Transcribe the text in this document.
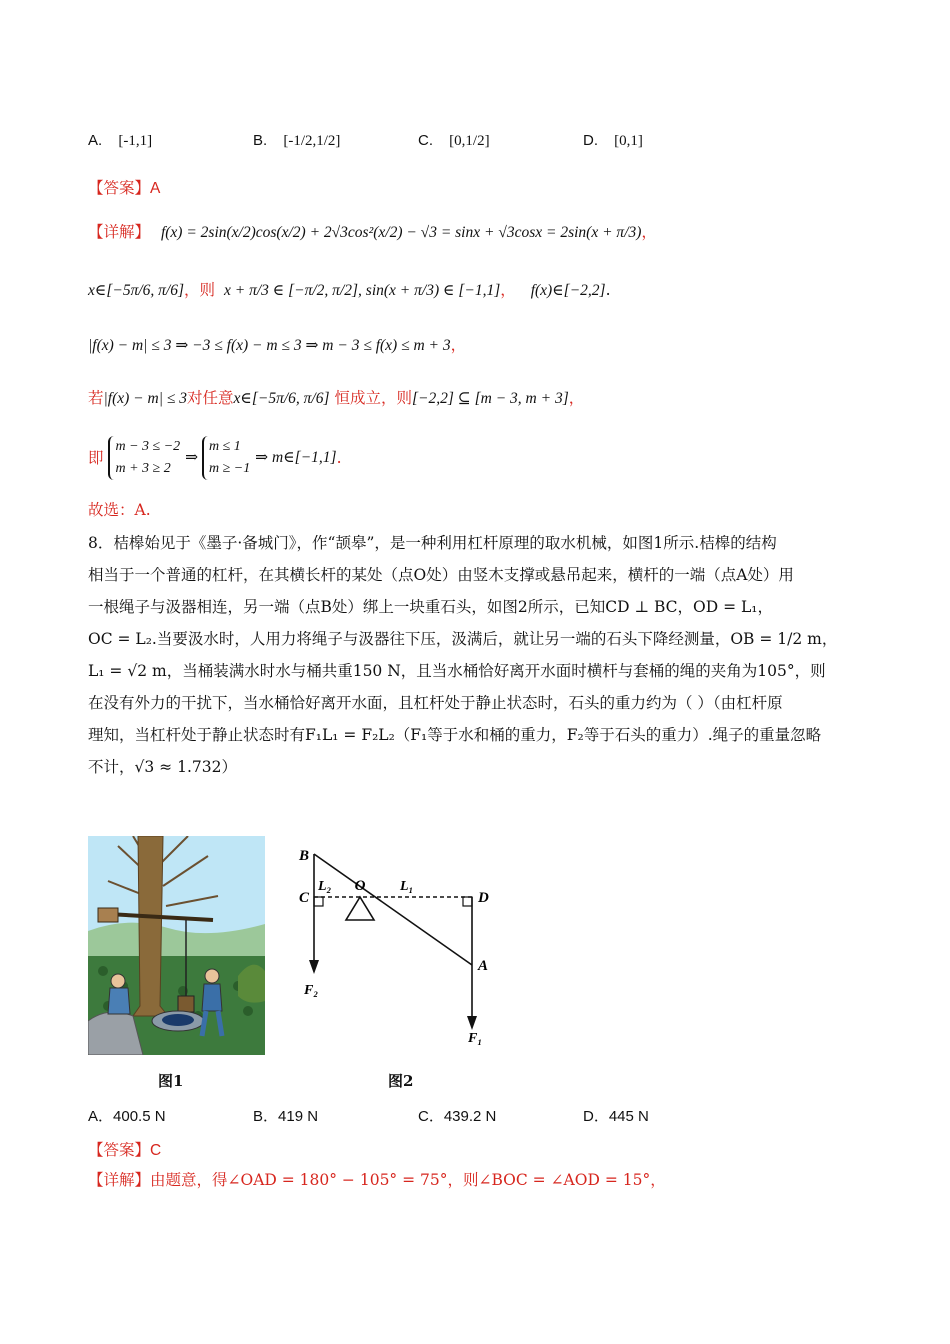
A. [-1,1]	B. [-1/2,1/2]	C. [0,1/2]	D. [0,1]
【答案】A
【详解】 f(x) = 2sin(x/2)cos(x/2) + 2√3cos²(x/2) − √3 = sinx + √3cosx = 2sin(x + π/3)，
x∈[−5π/6, π/6]，则 x + π/3 ∈ [−π/2, π/2], sin(x + π/3) ∈ [−1,1]， f(x)∈[−2,2].
|f(x) − m| ≤ 3 ⇒ −3 ≤ f(x) − m ≤ 3 ⇒ m − 3 ≤ f(x) ≤ m + 3，
若|f(x) − m| ≤ 3对任意x∈[−5π/6, π/6] 恒成立，则[−2,2] ⊆ [m − 3, m + 3]，
即 m − 3 ≤ −2
m + 3 ≥ 2 ⇒ m ≤ 1
m ≥ −1 ⇒ m∈[−1,1].
故选：A.
8．桔槔始见于《墨子·备城门》，作“颉皋”，是一种利用杠杆原理的取水机械，如图1所示.桔槔的结构
相当于一个普通的杠杆，在其横长杆的某处（点O处）由竖木支撑或悬吊起来，横杆的一端（点A处）用
一根绳子与汲器相连，另一端（点B处）绑上一块重石头，如图2所示，已知CD ⊥ BC，OD = L₁，
OC = L₂.当要汲水时，人用力将绳子与汲器往下压，汲满后，就让另一端的石头下降经测量，OB = 1/2 m，
L₁ = √2 m，当桶装满水时水与桶共重150 N，且当水桶恰好离开水面时横杆与套桶的绳的夹角为105°，则
在没有外力的干扰下，当水桶恰好离开水面，且杠杆处于静止状态时，石头的重力约为（ ）（由杠杆原
理知，当杠杆处于静止状态时有F₁L₁ = F₂L₂（F₁等于水和桶的重力，F₂等于石头的重力）.绳子的重量忽略
不计，√3 ≈ 1.732）
B
C
O
D
A
L₂	L₁
F₂
F₁
图1	图2
A．400.5 N	B．419 N	C．439.2 N	D．445 N
【答案】C
【详解】由题意，得∠OAD = 180° − 105° = 75°，则∠BOC = ∠AOD = 15°，
